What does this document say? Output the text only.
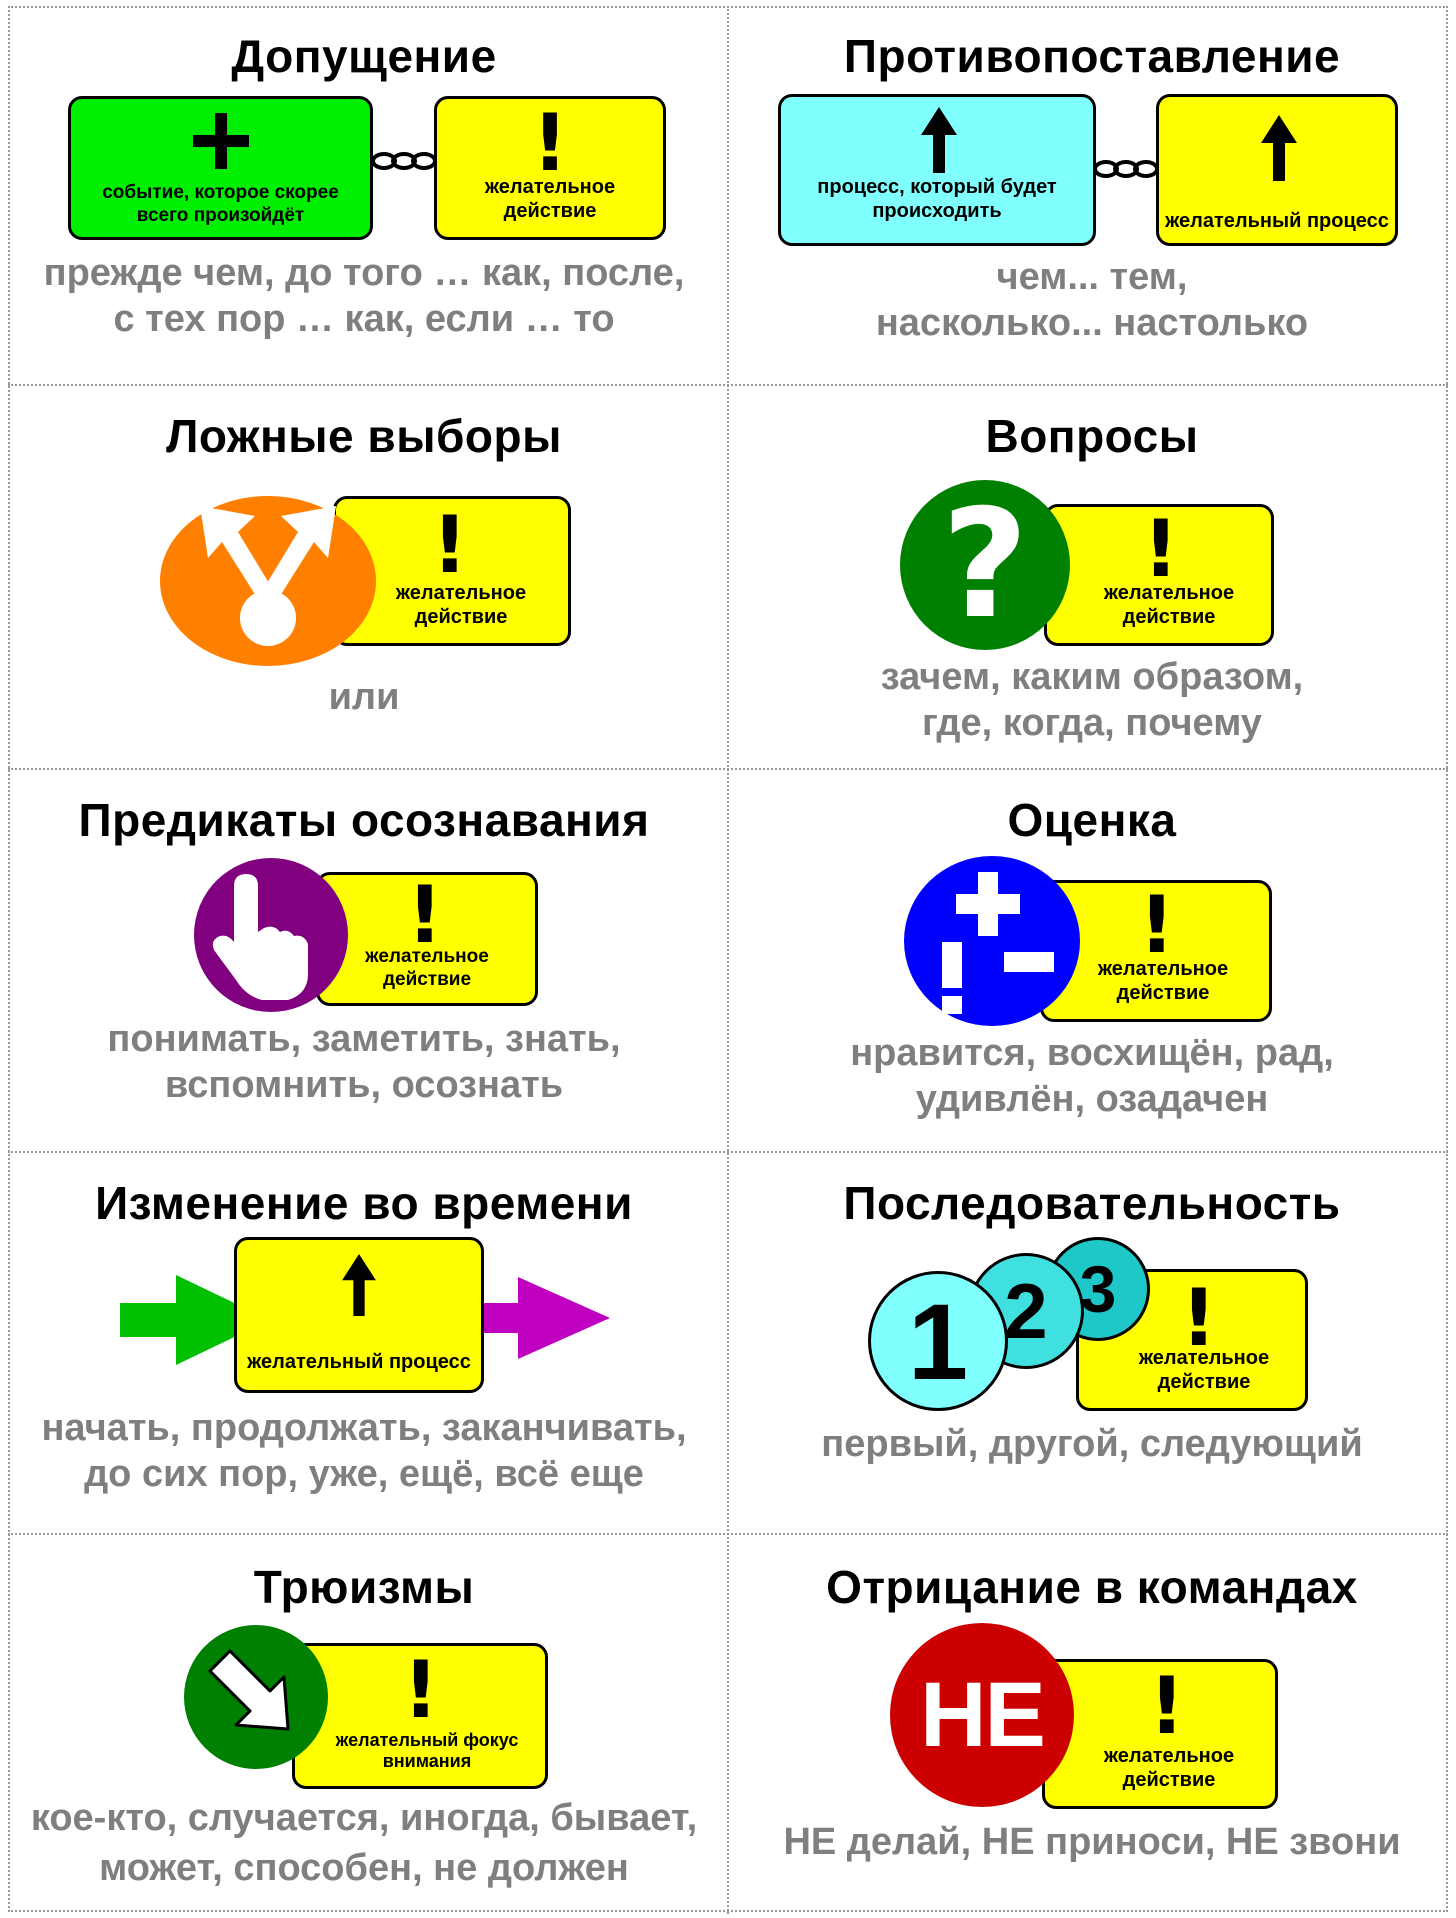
Допущение
событие, которое скорее всего произойдёт
!
желательное действие
прежде чем, до того … как, после,
с тех пор … как, если … то
Противопоставление
процесс, который будет происходить	желательный процесс
чем... тем,
насколько... настолько
Ложные выборы
!
желательное действие
или
Вопросы
!
желательное действие
?
зачем, каким образом,
где, когда, почему
Предикаты осознавания
!
желательное действие
понимать, заметить, знать,
вспомнить, осознать
Оценка
!
желательное действие
нравится, восхищён, рад,
удивлён, озадачен
Изменение во времени
желательный процесс
начать, продолжать, заканчивать,
до сих пор, уже, ещё, всё еще
Последовательность
!
желательное действие
3
2
1
первый, другой, следующий
Трюизмы
!
желательный фокус внимания
кое-кто, случается, иногда, бывает,
может, способен, не должен
Отрицание в командах
!
желательное действие
НЕ
НЕ делай, НЕ приноси, НЕ звони
